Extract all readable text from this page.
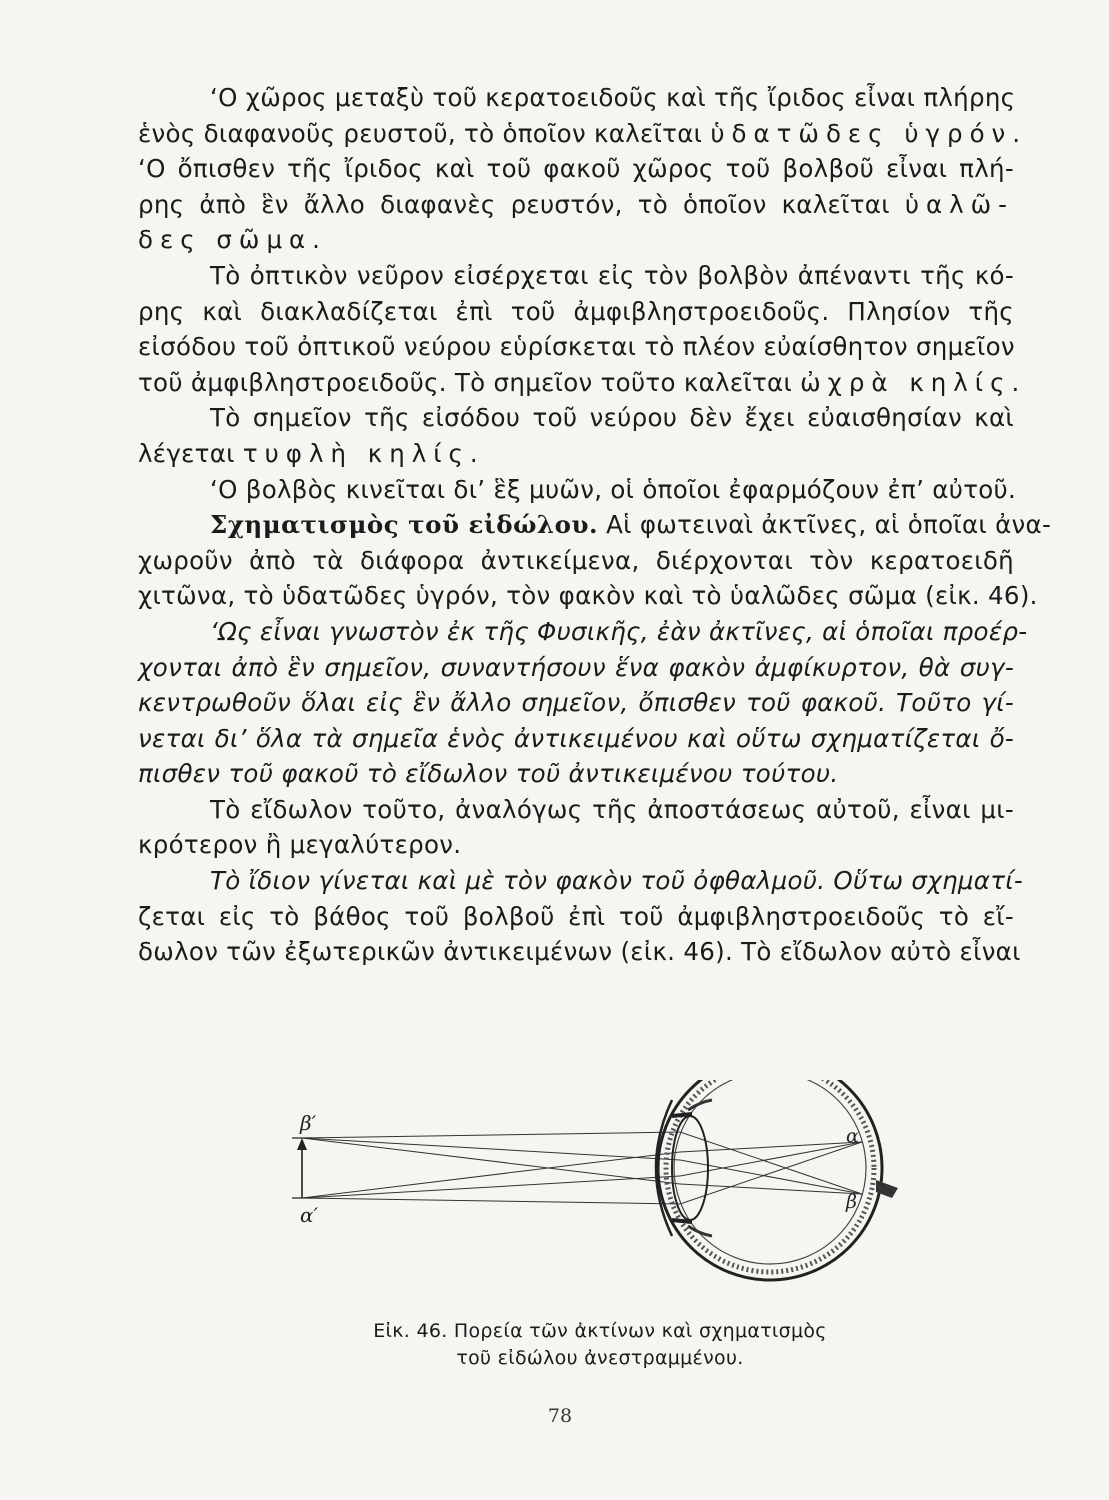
‘Ο χῶρος μεταξὺ τοῦ κερατοειδοῦς καὶ τῆς ἴριδος εἶναι πλήρης
ἑνὸς διαφανοῦς ρευστοῦ, τὸ ὁποῖον καλεῖται ὑδατῶδες ὑγρόν.
‘Ο ὄπισθεν τῆς ἴριδος καὶ τοῦ φακοῦ χῶρος τοῦ βολβοῦ εἶναι πλή-
ρης ἀπὸ ἓν ἄλλο διαφανὲς ρευστόν, τὸ ὁποῖον καλεῖται ὑαλῶ-
δες σῶμα.
Τὸ ὀπτικὸν νεῦρον εἰσέρχεται εἰς τὸν βολβὸν ἀπέναντι τῆς κό-
ρης καὶ διακλαδίζεται ἐπὶ τοῦ ἀμφιβληστροειδοῦς. Πλησίον τῆς
εἰσόδου τοῦ ὀπτικοῦ νεύρου εὑρίσκεται τὸ πλέον εὐαίσθητον σημεῖον
τοῦ ἀμφιβληστροειδοῦς. Τὸ σημεῖον τοῦτο καλεῖται ὠχρὰ κηλίς.
Τὸ σημεῖον τῆς εἰσόδου τοῦ νεύρου δὲν ἔχει εὐαισθησίαν καὶ
λέγεται τυφλὴ κηλίς.
‘Ο βολβὸς κινεῖται δι’ ἓξ μυῶν, οἱ ὁποῖοι ἐφαρμόζουν ἐπ’ αὐτοῦ.
Σχηματισμὸς τοῦ εἰδώλου. Αἱ φωτειναὶ ἀκτῖνες, αἱ ὁποῖαι ἀνα-
χωροῦν ἀπὸ τὰ διάφορα ἀντικείμενα, διέρχονται τὸν κερατοειδῆ
χιτῶνα, τὸ ὑδατῶδες ὑγρόν, τὸν φακὸν καὶ τὸ ὑαλῶδες σῶμα (εἰκ. 46).
‘Ως εἶναι γνωστὸν ἐκ τῆς Φυσικῆς, ἐὰν ἀκτῖνες, αἱ ὁποῖαι προέρ-
χονται ἀπὸ ἓν σημεῖον, συναντήσουν ἕνα φακὸν ἀμφίκυρτον, θὰ συγ-
κεντρωθοῦν ὅλαι εἰς ἓν ἄλλο σημεῖον, ὄπισθεν τοῦ φακοῦ. Τοῦτο γί-
νεται δι’ ὅλα τὰ σημεῖα ἑνὸς ἀντικειμένου καὶ οὕτω σχηματίζεται ὄ-
πισθεν τοῦ φακοῦ τὸ εἴδωλον τοῦ ἀντικειμένου τούτου.
Τὸ εἴδωλον τοῦτο, ἀναλόγως τῆς ἀποστάσεως αὐτοῦ, εἶναι μι-
κρότερον ἢ μεγαλύτερον.
Τὸ ἴδιον γίνεται καὶ μὲ τὸν φακὸν τοῦ ὀφθαλμοῦ. Οὕτω σχηματί-
ζεται εἰς τὸ βάθος τοῦ βολβοῦ ἐπὶ τοῦ ἀμφιβληστροειδοῦς τὸ εἴ-
δωλον τῶν ἐξωτερικῶν ἀντικειμένων (εἰκ. 46). Τὸ εἴδωλον αὐτὸ εἶναι
β′
α′
α
β
Εἰκ. 46. Πορεία τῶν ἀκτίνων καὶ σχηματισμὸς
τοῦ εἰδώλου ἀνεστραμμένου.
78
